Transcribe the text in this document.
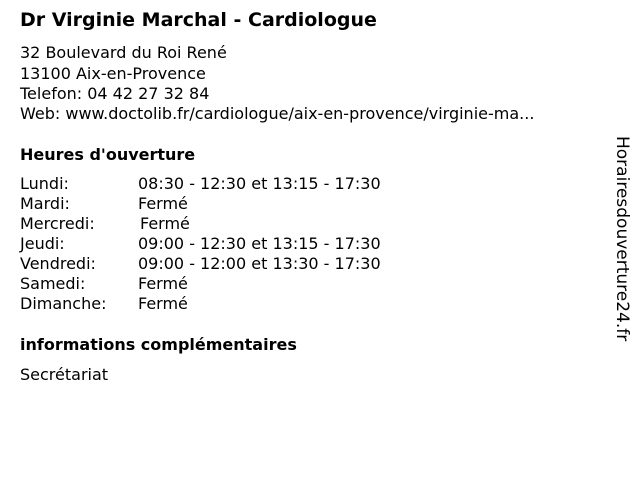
Dr Virginie Marchal - Cardiologue
32 Boulevard du Roi René
13100 Aix-en-Provence
Telefon: 04 42 27 32 84
Web: www.doctolib.fr/cardiologue/aix-en-provence/virginie-ma...
Heures d'ouverture
Lundi:	08:30 - 12:30 et 13:15 - 17:30
Mardi:	Fermé
Mercredi:	Fermé
Jeudi:	09:00 - 12:30 et 13:15 - 17:30
Vendredi:	09:00 - 12:00 et 13:30 - 17:30
Samedi:	Fermé
Dimanche: Fermé
informations complémentaires
Secrétariat
Horairesdouverture24.fr
